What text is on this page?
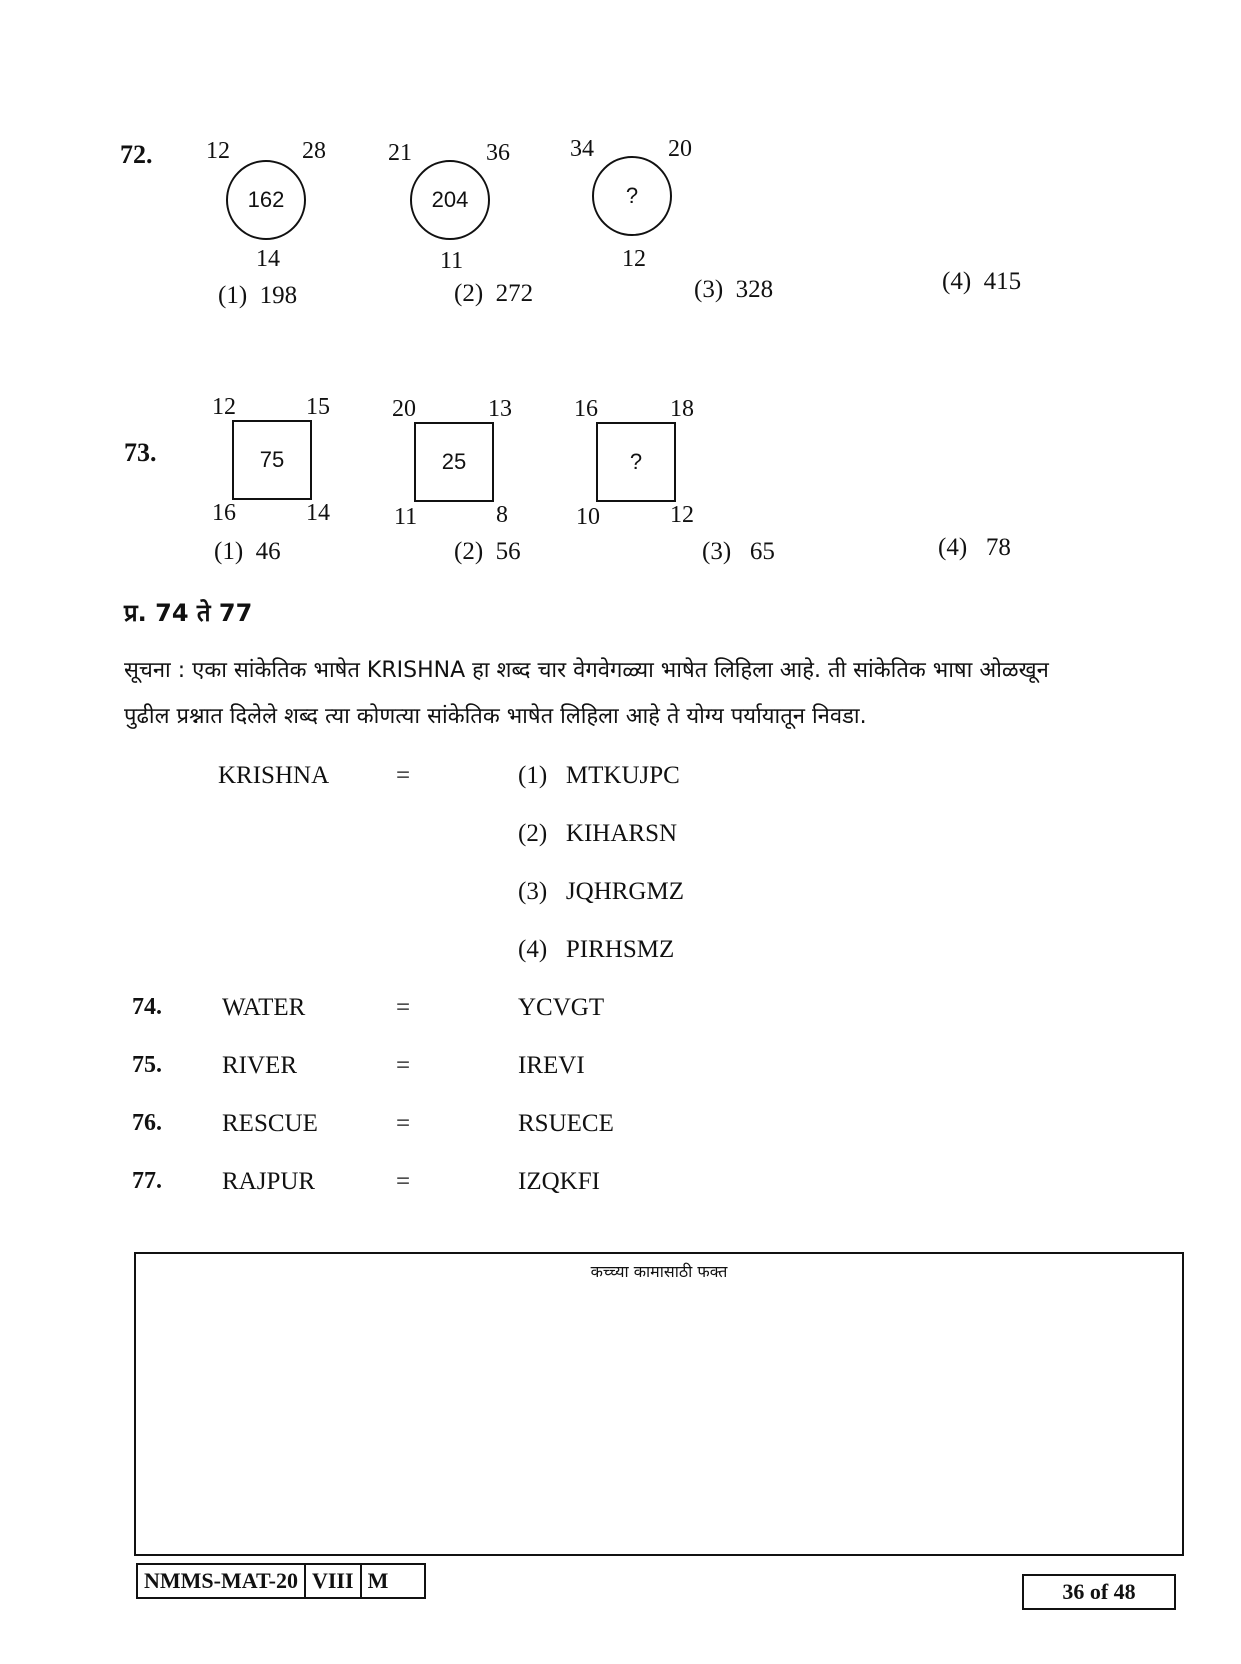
72. 12	28
162
14
21	36
204
11
34	20
?
12
(1) 198	(2) 272	(3) 328	(4) 415
73.
12	15
75
16	14
20	13
25
11	8
16	18
?
10	12
(1) 46	(2) 56	(3) 65	(4) 78
प्र. 74 ते 77
सूचना : एका सांकेतिक भाषेत KRISHNA हा शब्द चार वेगवेगळ्या भाषेत लिहिला आहे. ती सांकेतिक भाषा ओळखून
पुढील प्रश्नात दिलेले शब्द त्या कोणत्या सांकेतिक भाषेत लिहिला आहे ते योग्य पर्यायातून निवडा.
KRISHNA	=	(1) MTKUJPC
(2) KIHARSN
(3) JQHRGMZ
(4) PIRHSMZ
74. WATER	=	YCVGT
75. RIVER	=	IREVI
76. RESCUE	=	RSUECE
77. RAJPUR	=	IZQKFI
कच्च्या कामासाठी फक्त
NMMS-MAT-20 VIII M	36 of 48
